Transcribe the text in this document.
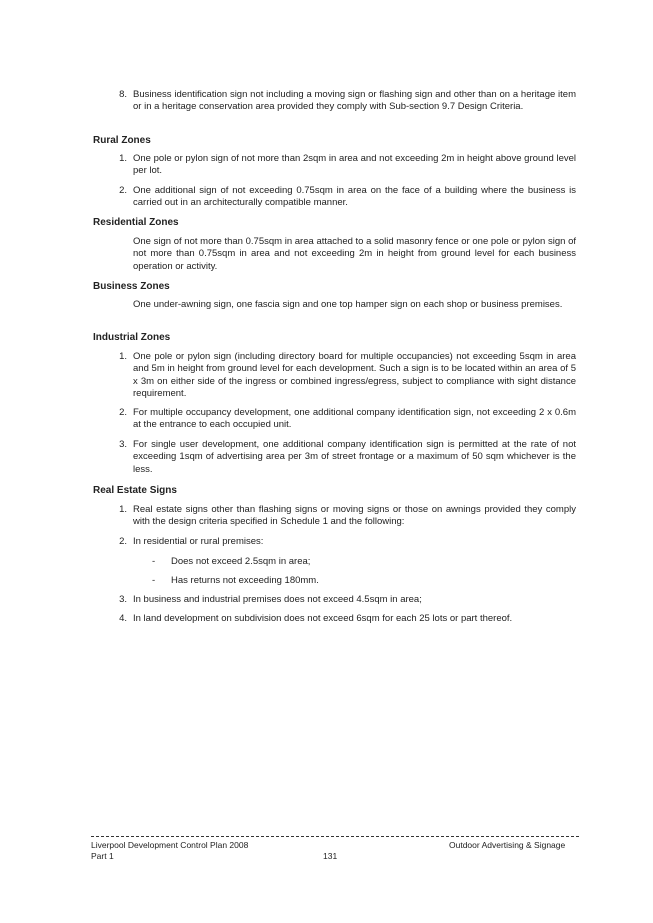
8. Business identification sign not including a moving sign or flashing sign and other than on a heritage item or in a heritage conservation area provided they comply with Sub-section 9.7 Design Criteria.
Rural Zones
1. One pole or pylon sign of not more than 2sqm in area and not exceeding 2m in height above ground level per lot.
2. One additional sign of not exceeding 0.75sqm in area on the face of a building where the business is carried out in an architecturally compatible manner.
Residential Zones
One sign of not more than 0.75sqm in area attached to a solid masonry fence or one pole or pylon sign of not more than 0.75sqm in area and not exceeding 2m in height from ground level for each business operation or activity.
Business Zones
One under-awning sign, one fascia sign and one top hamper sign on each shop or business premises.
Industrial Zones
1. One pole or pylon sign (including directory board for multiple occupancies) not exceeding 5sqm in area and 5m in height from ground level for each development. Such a sign is to be located within an area of 5 x 3m on either side of the ingress or combined ingress/egress, subject to compliance with sight distance requirement.
2. For multiple occupancy development, one additional company identification sign, not exceeding 2 x 0.6m at the entrance to each occupied unit.
3. For single user development, one additional company identification sign is permitted at the rate of not exceeding 1sqm of advertising area per 3m of street frontage or a maximum of 50 sqm whichever is the less.
Real Estate Signs
1. Real estate signs other than flashing signs or moving signs or those on awnings provided they comply with the design criteria specified in Schedule 1 and the following:
2. In residential or rural premises:
- Does not exceed 2.5sqm in area;
- Has returns not exceeding 180mm.
3. In business and industrial premises does not exceed 4.5sqm in area;
4. In land development on subdivision does not exceed 6sqm for each 25 lots or part thereof.
Liverpool Development Control Plan 2008
Part 1	131
Outdoor Advertising & Signage
